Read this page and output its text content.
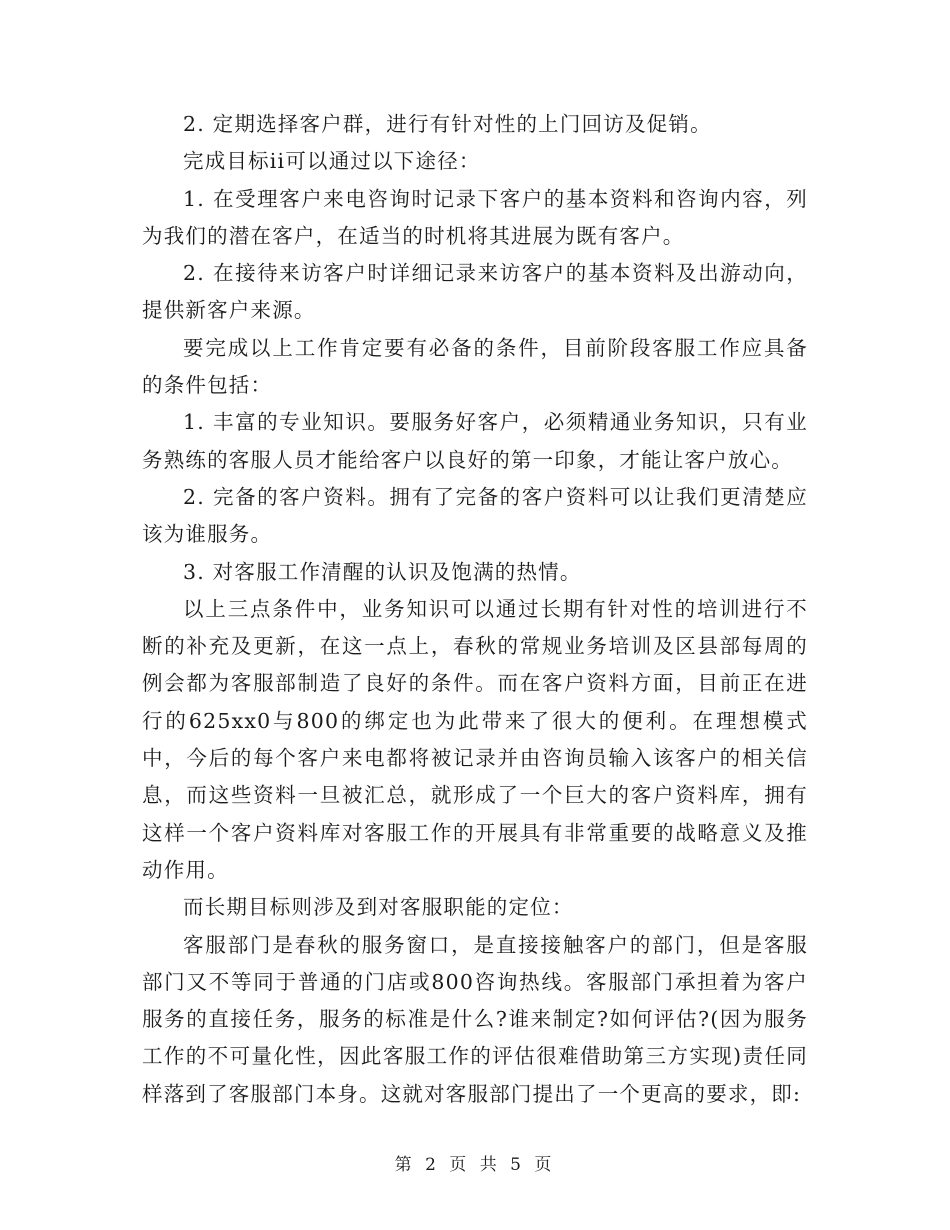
2. 定期选择客户群，进行有针对性的上门回访及促销。

完成目标ii可以通过以下途径：

1. 在受理客户来电咨询时记录下客户的基本资料和咨询内容，列为我们的潜在客户，在适当的时机将其进展为既有客户。

2. 在接待来访客户时详细记录来访客户的基本资料及出游动向，提供新客户来源。

要完成以上工作肯定要有必备的条件，目前阶段客服工作应具备的条件包括：

1. 丰富的专业知识。要服务好客户，必须精通业务知识，只有业务熟练的客服人员才能给客户以良好的第一印象，才能让客户放心。

2. 完备的客户资料。拥有了完备的客户资料可以让我们更清楚应该为谁服务。

3. 对客服工作清醒的认识及饱满的热情。

以上三点条件中，业务知识可以通过长期有针对性的培训进行不断的补充及更新，在这一点上，春秋的常规业务培训及区县部每周的例会都为客服部制造了良好的条件。而在客户资料方面，目前正在进行的625xx0与800的绑定也为此带来了很大的便利。在理想模式中，今后的每个客户来电都将被记录并由咨询员输入该客户的相关信息，而这些资料一旦被汇总，就形成了一个巨大的客户资料库，拥有这样一个客户资料库对客服工作的开展具有非常重要的战略意义及推动作用。

而长期目标则涉及到对客服职能的定位：

客服部门是春秋的服务窗口，是直接接触客户的部门，但是客服部门又不等同于普通的门店或800咨询热线。客服部门承担着为客户服务的直接任务，服务的标准是什么?谁来制定?如何评估?(因为服务工作的不可量化性，因此客服工作的评估很难借助第三方实现)责任同样落到了客服部门本身。这就对客服部门提出了一个更高的要求，即:

第 2 页 共 5 页
